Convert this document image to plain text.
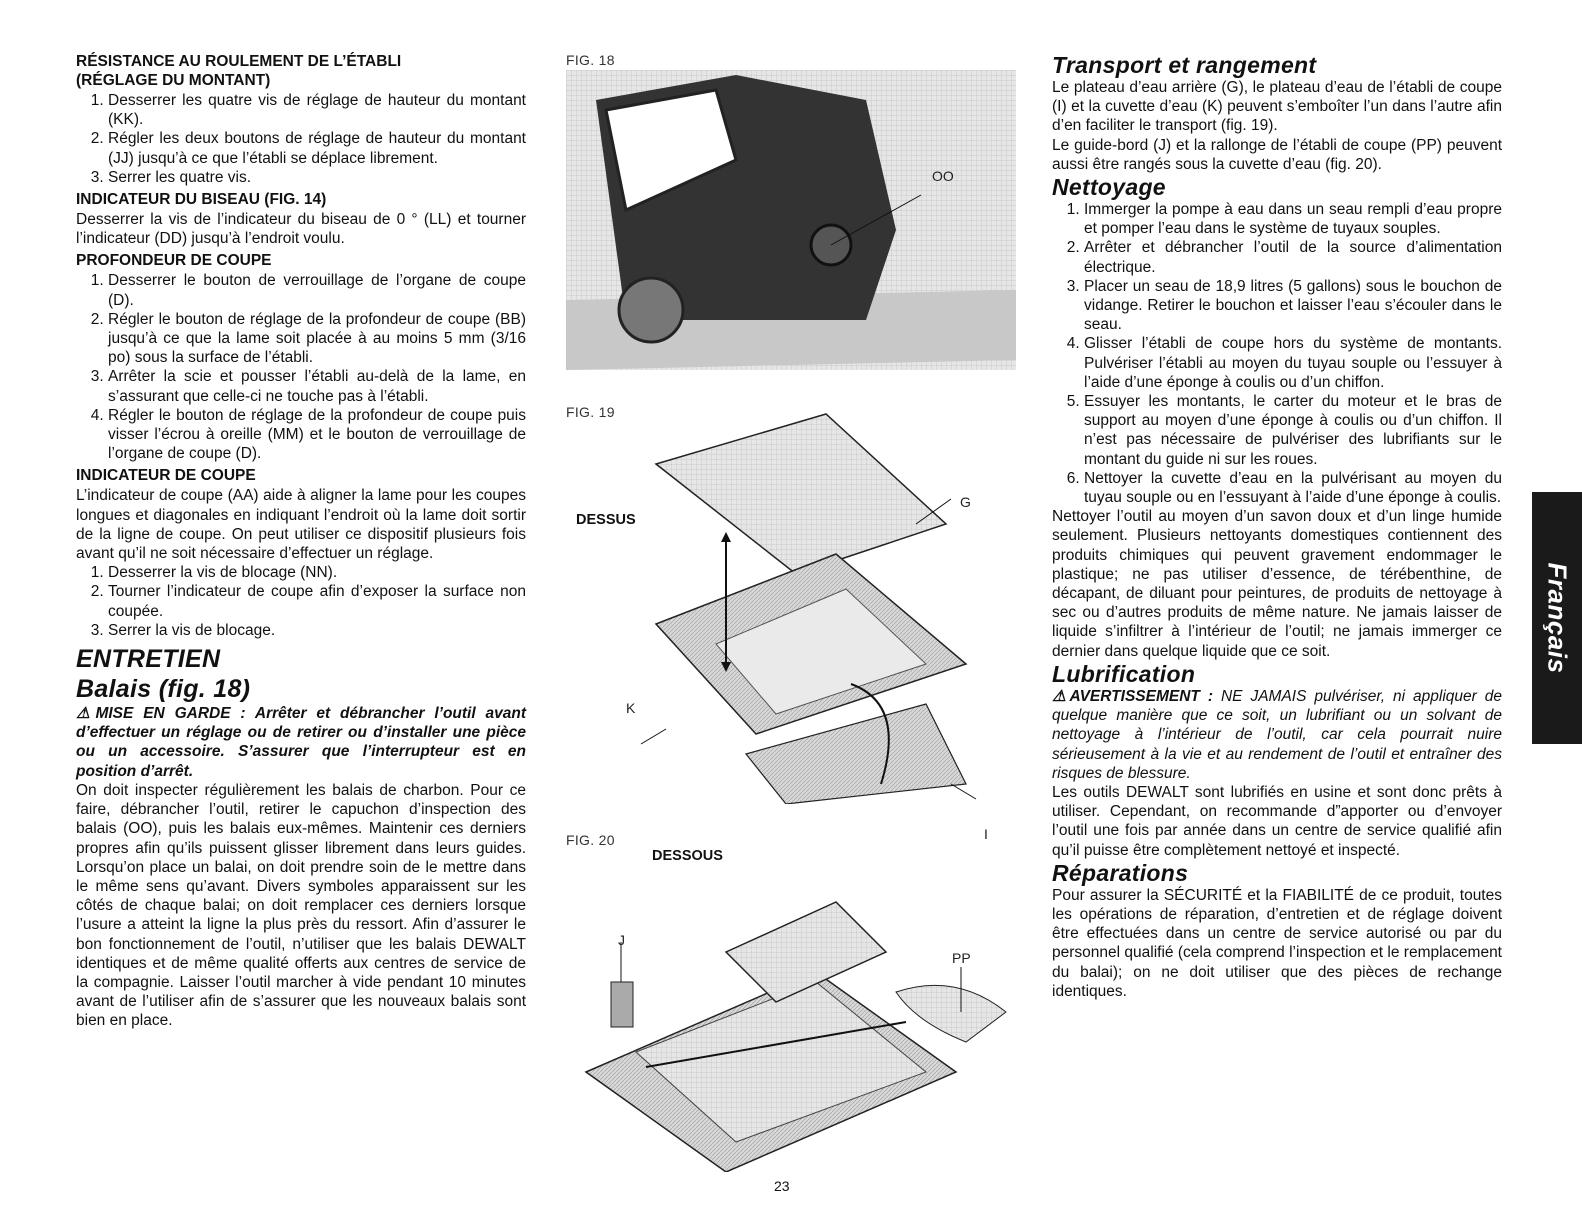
RÉSISTANCE AU ROULEMENT DE L’ÉTABLI
(RÉGLAGE DU MONTANT)
1. Desserrer les quatre vis de réglage de hauteur du montant (KK).
2. Régler les deux boutons de réglage de hauteur du montant (JJ) jusqu’à ce que l’établi se déplace librement.
3. Serrer les quatre vis.
INDICATEUR DU BISEAU (FIG. 14)

Desserrer la vis de l’indicateur du biseau de 0 ° (LL) et tourner l’indicateur (DD) jusqu’à l’endroit voulu.

PROFONDEUR DE COUPE
1. Desserrer le bouton de verrouillage de l’organe de coupe (D).
2. Régler le bouton de réglage de la profondeur de coupe (BB) jusqu’à ce que la lame soit placée à au moins 5 mm (3/16 po) sous la surface de l’établi.
3. Arrêter la scie et pousser l’établi au-delà de la lame, en s’assurant que celle-ci ne touche pas à l’établi.
4. Régler le bouton de réglage de la profondeur de coupe puis visser l’écrou à oreille (MM) et le bouton de verrouillage de l’organe de coupe (D).
INDICATEUR DE COUPE

L’indicateur de coupe (AA) aide à aligner la lame pour les coupes longues et diagonales en indiquant l’endroit où la lame doit sortir de la ligne de coupe. On peut utiliser ce dispositif plusieurs fois avant qu’il ne soit nécessaire d’effectuer un réglage.

1. Desserrer la vis de blocage (NN).
2. Tourner l’indicateur de coupe afin d’exposer la surface non coupée.
3. Serrer la vis de blocage.
ENTRETIEN
Balais (fig. 18)

⚠MISE EN GARDE : Arrêter et débrancher l’outil avant d’effectuer un réglage ou de retirer ou d’installer une pièce ou un accessoire. S’assurer que l’interrupteur est en position d’arrêt.

On doit inspecter régulièrement les balais de charbon. Pour ce faire, débrancher l’outil, retirer le capuchon d’inspection des balais (OO), puis les balais eux-mêmes. Maintenir ces derniers propres afin qu’ils puissent glisser librement dans leurs guides. Lorsqu’on place un balai, on doit prendre soin de le mettre dans le même sens qu’avant. Divers symboles apparaissent sur les côtés de chaque balai; on doit remplacer ces derniers lorsque l’usure a atteint la ligne la plus près du ressort. Afin d’assurer le bon fonctionnement de l’outil, n’utiliser que les balais DEWALT identiques et de même qualité offerts aux centres de service de la compagnie. Laisser l’outil marcher à vide pendant 10 minutes avant de l’utiliser afin de s’assurer que les nouveaux balais sont bien en place.

FIG. 18
OO
FIG. 19
DESSUS
G
K
I
FIG. 20
DESSOUS
J
PP
Transport et rangement

Le plateau d’eau arrière (G), le plateau d’eau de l’établi de coupe (I) et la cuvette d’eau (K) peuvent s’emboîter l’un dans l’autre afin d’en faciliter le transport (fig. 19).

Le guide-bord (J) et la rallonge de l’établi de coupe (PP) peuvent aussi être rangés sous la cuvette d’eau (fig. 20).

Nettoyage
1. Immerger la pompe à eau dans un seau rempli d’eau propre et pomper l’eau dans le système de tuyaux souples.
2. Arrêter et débrancher l’outil de la source d’alimentation électrique.
3. Placer un seau de 18,9 litres (5 gallons) sous le bouchon de vidange. Retirer le bouchon et laisser l’eau s’écouler dans le seau.
4. Glisser l’établi de coupe hors du système de montants. Pulvériser l’établi au moyen du tuyau souple ou l’essuyer à l’aide d’une éponge à coulis ou d’un chiffon.
5. Essuyer les montants, le carter du moteur et le bras de support au moyen d’une éponge à coulis ou d’un chiffon. Il n’est pas nécessaire de pulvériser des lubrifiants sur le montant du guide ni sur les roues.
6. Nettoyer la cuvette d’eau en la pulvérisant au moyen du tuyau souple ou en l’essuyant à l’aide d’une éponge à coulis.

Nettoyer l’outil au moyen d’un savon doux et d’un linge humide seulement. Plusieurs nettoyants domestiques contiennent des produits chimiques qui peuvent gravement endommager le plastique; ne pas utiliser d’essence, de térébenthine, de décapant, de diluant pour peintures, de produits de nettoyage à sec ou d’autres produits de même nature. Ne jamais laisser de liquide s’infiltrer à l’intérieur de l’outil; ne jamais immerger ce dernier dans quelque liquide que ce soit.

Lubrification

⚠AVERTISSEMENT : NE JAMAIS pulvériser, ni appliquer de quelque manière que ce soit, un lubrifiant ou un solvant de nettoyage à l’intérieur de l’outil, car cela pourrait nuire sérieusement à la vie et au rendement de l’outil et entraîner des risques de blessure.

Les outils DEWALT sont lubrifiés en usine et sont donc prêts à utiliser. Cependant, on recommande d”apporter ou d’envoyer l’outil une fois par année dans un centre de service qualifié afin qu’il puisse être complètement nettoyé et inspecté.

Réparations

Pour assurer la SÉCURITÉ et la FIABILITÉ de ce produit, toutes les opérations de réparation, d’entretien et de réglage doivent être effectuées dans un centre de service autorisé ou par du personnel qualifié (cela comprend l’inspection et le remplacement du balai); on ne doit utiliser que des pièces de rechange identiques.

23
Français
